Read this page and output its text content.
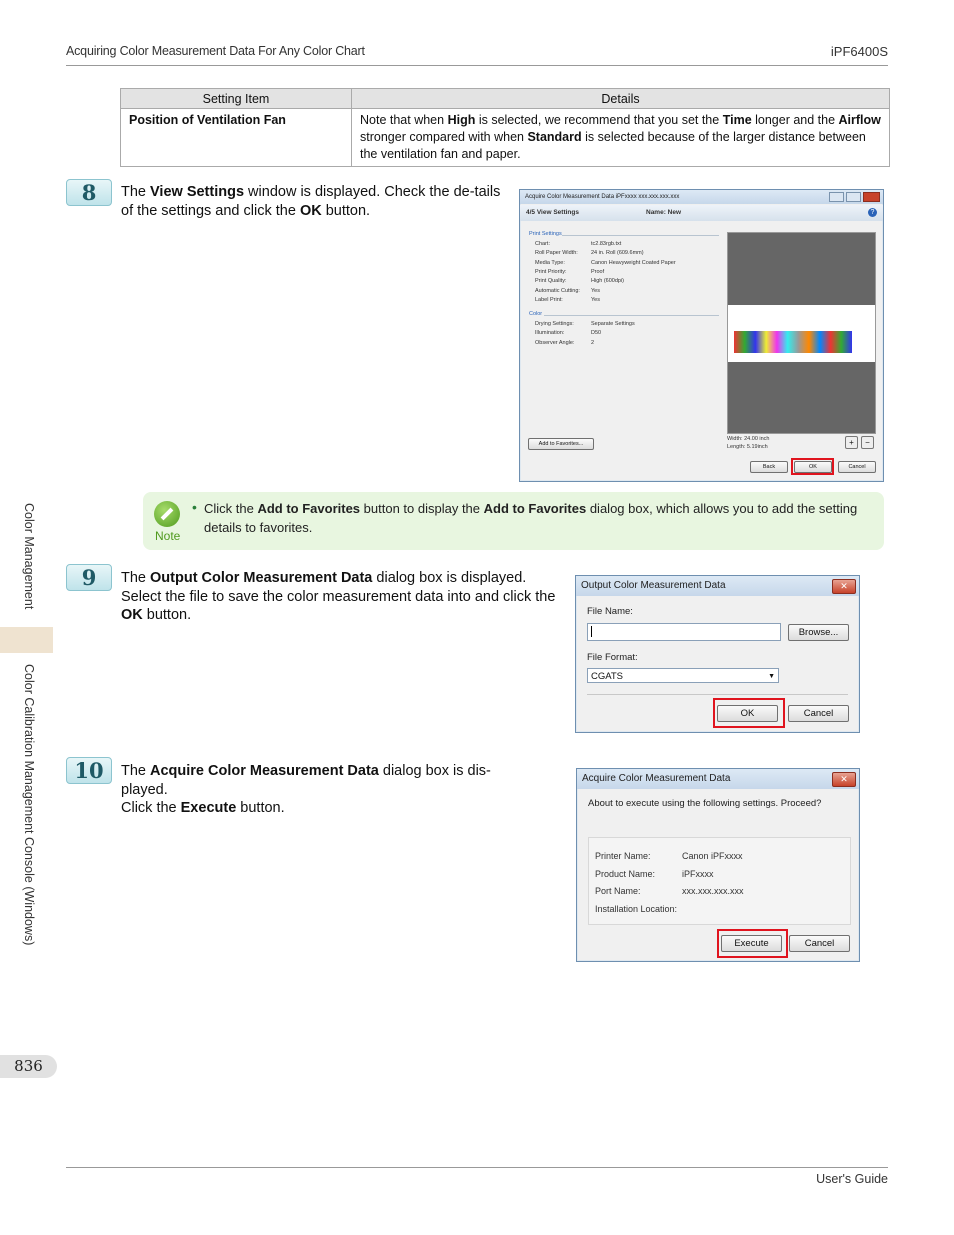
Acquiring Color Measurement Data For Any Color Chart	iPF6400S
Setting Item	Details
Position of Ventilation Fan	Note that when High is selected, we recommend that you set the Time longer and the Airflow stronger compared with when Standard is selected because of the larger distance between the ventilation fan and paper.
8	The View Settings window is displayed. Check the de-tails of the settings and click the OK button.
Acquire Color Measurement Data iPFxxxx xxx.xxx.xxx.xxx
4/5 View Settings	Name: New	?
Print Settings
Chart:	tc2.83rgb.txt
Roll Paper Width: 24 in. Roll (609.6mm)
Media Type:	Canon Heavyweight Coated Paper
Print Priority:	Proof
Print Quality:	High (600dpi)
Automatic Cutting: Yes
Label Print:	Yes
Color
Drying Settings:	Separate Settings
Illumination:	D50
Observer Angle:	2
Width: 24.00 inch
Length: 5.19inch	+	−
Add to Favorites...
Back	OK	Cancel
Note
• Click the Add to Favorites button to display the Add to Favorites dialog box, which allows you to add the setting details to favorites.
9	The Output Color Measurement Data dialog box is displayed. Select the file to save the color measurement data into and click the OK button.
Output Color Measurement Data	✕
File Name:
Browse...
File Format:
CGATS	▼
OK	Cancel
10	The Acquire Color Measurement Data dialog box is dis-played.
Click the Execute button.
Acquire Color Measurement Data	✕
About to execute using the following settings. Proceed?
Printer Name:	Canon iPFxxxx
Product Name:	iPFxxxx
Port Name:	xxx.xxx.xxx.xxx
Installation Location:
Execute	Cancel
Color Management
Color Calibration Management Console (Windows)
836
User's Guide
